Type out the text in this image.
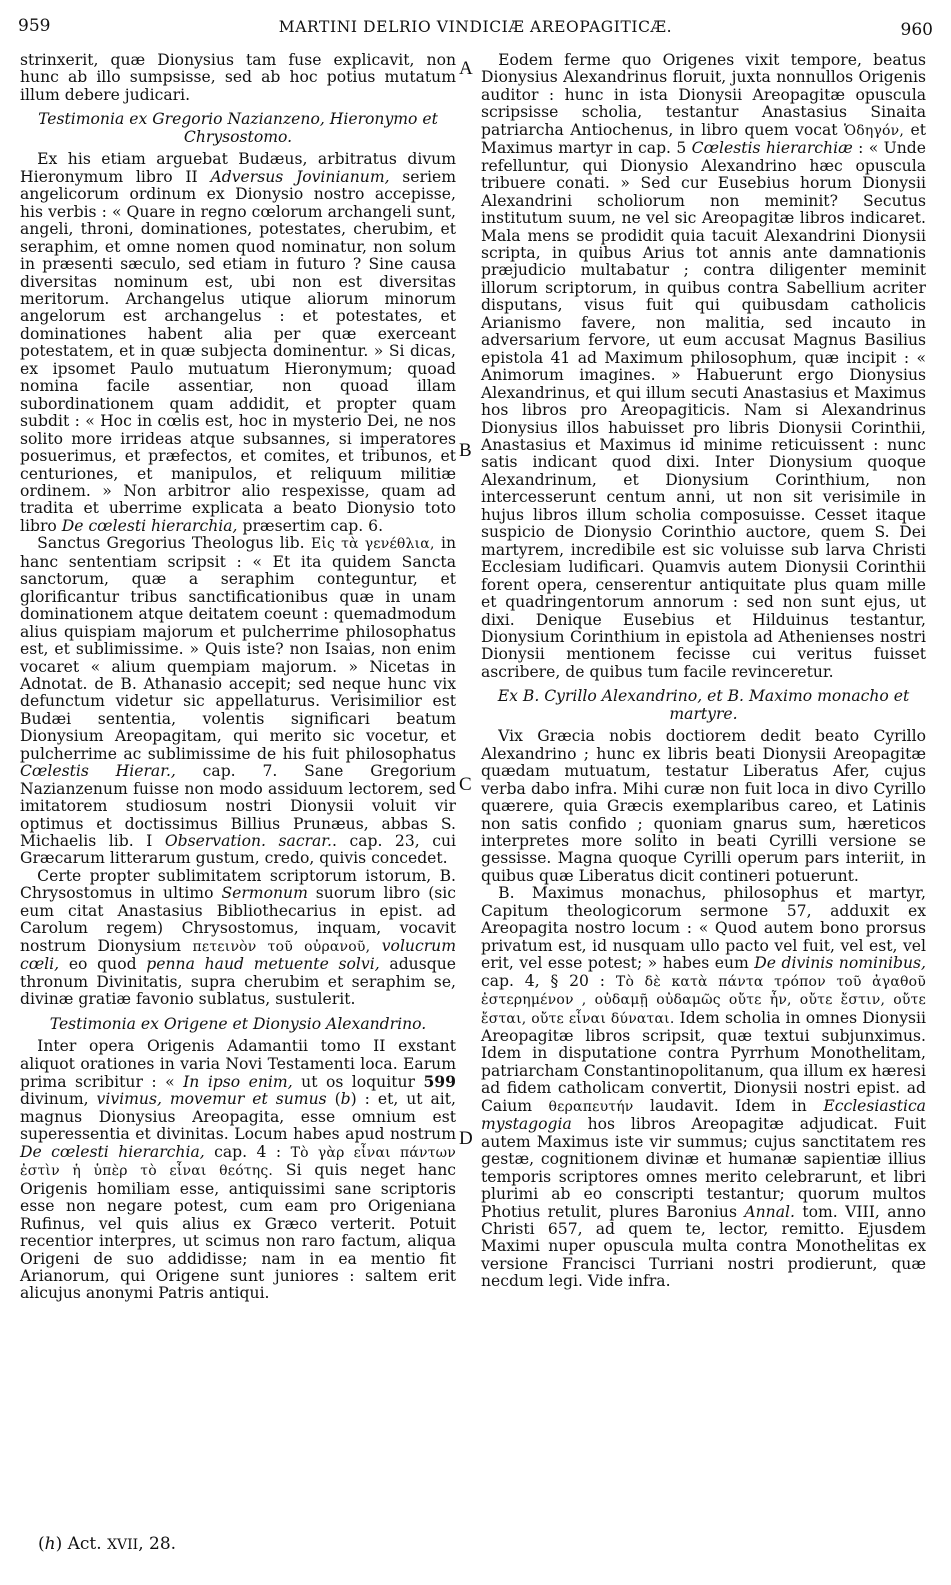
959	MARTINI DELRIO VINDICIÆ AREOPAGITICÆ.	960
A
B
C
D

strinxerit, quæ Dionysius tam fuse explicavit, non hunc ab illo sumpsisse, sed ab hoc potius mutatum illum debere judicari.

Testimonia ex Gregorio Nazianzeno, Hieronymo et Chrysostomo.

Ex his etiam arguebat Budæus, arbitratus divum Hieronymum libro II Adversus Jovinianum, seriem angelicorum ordinum ex Dionysio nostro accepisse, his verbis : « Quare in regno cœlorum archangeli sunt, angeli, throni, dominationes, potestates, cherubim, et seraphim, et omne nomen quod nominatur, non solum in præsenti sæculo, sed etiam in futuro ? Sine causa diversitas nominum est, ubi non est diversitas meritorum. Archangelus utique aliorum minorum angelorum est archangelus : et potestates, et dominationes habent alia per quæ exerceant potestatem, et in quæ subjecta dominentur. » Si dicas, ex ipsomet Paulo mutuatum Hieronymum; quoad nomina facile assentiar, non quoad illam subordinationem quam addidit, et propter quam subdit : « Hoc in cœlis est, hoc in mysterio Dei, ne nos solito more irrideas atque subsannes, si imperatores posuerimus, et præfectos, et comites, et tribunos, et centuriones, et manipulos, et reliquum militiæ ordinem. » Non arbitror alio respexisse, quam ad tradita et uberrime explicata a beato Dionysio toto libro De cœlesti hierarchia, præsertim cap. 6.

Sanctus Gregorius Theologus lib. Εἰς τὰ γενέθλια, in hanc sententiam scripsit : « Et ita quidem Sancta sanctorum, quæ a seraphim conteguntur, et glorificantur tribus sanctificationibus quæ in unam dominationem atque deitatem coeunt : quemadmodum alius quispiam majorum et pulcherrime philosophatus est, et sublimissime. » Quis iste? non Isaias, non enim vocaret « alium quempiam majorum. » Nicetas in Adnotat. de B. Athanasio accepit; sed neque hunc vix defunctum videtur sic appellaturus. Verisimilior est Budæi sententia, volentis significari beatum Dionysium Areopagitam, qui merito sic vocetur, et pulcherrime ac sublimissime de his fuit philosophatus Cœlestis Hierar., cap. 7. Sane Gregorium Nazianzenum fuisse non modo assiduum lectorem, sed imitatorem studiosum nostri Dionysii voluit vir optimus et doctissimus Billius Prunæus, abbas S. Michaelis lib. I Observation. sacrar.. cap. 23, cui Græcarum litterarum gustum, credo, quivis concedet.

Certe propter sublimitatem scriptorum istorum, B. Chrysostomus in ultimo Sermonum suorum libro (sic eum citat Anastasius Bibliothecarius in epist. ad Carolum regem) Chrysostomus, inquam, vocavit nostrum Dionysium πετεινὸν τοῦ οὐρανοῦ, volucrum cœli, eo quod penna haud metuente solvi, adusque thronum Divinitatis, supra cherubim et seraphim se, divinæ gratiæ favonio sublatus, sustulerit.

Testimonia ex Origene et Dionysio Alexandrino.

Inter opera Origenis Adamantii tomo II exstant aliquot orationes in varia Novi Testamenti loca. Earum prima scribitur : « In ipso enim, ut os loquitur 599 divinum, vivimus, movemur et sumus (b) : et, ut ait, magnus Dionysius Areopagita, esse omnium est superessentia et divinitas. Locum habes apud nostrum De cœlesti hierarchia, cap. 4 : Τὸ γὰρ εἶναι πάντων ἐστὶν ἡ ὑπὲρ τὸ εἶναι θεότης. Si quis neget hanc Origenis homiliam esse, antiquissimi sane scriptoris esse non negare potest, cum eam pro Origeniana Rufinus, vel quis alius ex Græco verterit. Potuit recentior interpres, ut scimus non raro factum, aliqua Origeni de suo addidisse; nam in ea mentio fit Arianorum, qui Origene sunt juniores : saltem erit alicujus anonymi Patris antiqui.

Eodem ferme quo Origenes vixit tempore, beatus Dionysius Alexandrinus floruit, juxta nonnullos Origenis auditor : hunc in ista Dionysii Areopagitæ opuscula scripsisse scholia, testantur Anastasius Sinaita patriarcha Antiochenus, in libro quem vocat Ὁδηγόν, et Maximus martyr in cap. 5 Cœlestis hierarchiæ : « Unde refelluntur, qui Dionysio Alexandrino hæc opuscula tribuere conati. » Sed cur Eusebius horum Dionysii Alexandrini scholiorum non meminit? Secutus institutum suum, ne vel sic Areopagitæ libros indicaret. Mala mens se prodidit quia tacuit Alexandrini Dionysii scripta, in quibus Arius tot annis ante damnationis præjudicio multabatur ; contra diligenter meminit illorum scriptorum, in quibus contra Sabellium acriter disputans, visus fuit qui quibusdam catholicis Arianismo favere, non malitia, sed incauto in adversarium fervore, ut eum accusat Magnus Basilius epistola 41 ad Maximum philosophum, quæ incipit : « Animorum imagines. » Habuerunt ergo Dionysius Alexandrinus, et qui illum secuti Anastasius et Maximus hos libros pro Areopagiticis. Nam si Alexandrinus Dionysius illos habuisset pro libris Dionysii Corinthii, Anastasius et Maximus id minime reticuissent : nunc satis indicant quod dixi. Inter Dionysium quoque Alexandrinum, et Dionysium Corinthium, non intercesserunt centum anni, ut non sit verisimile in hujus libros illum scholia composuisse. Cesset itaque suspicio de Dionysio Corinthio auctore, quem S. Dei martyrem, incredibile est sic voluisse sub larva Christi Ecclesiam ludificari. Quamvis autem Dionysii Corinthii forent opera, censerentur antiquitate plus quam mille et quadringentorum annorum : sed non sunt ejus, ut dixi. Denique Eusebius et Hilduinus testantur, Dionysium Corinthium in epistola ad Athenienses nostri Dionysii mentionem fecisse cui veritus fuisset ascribere, de quibus tum facile revinceretur.

Ex B. Cyrillo Alexandrino, et B. Maximo monacho et martyre.

Vix Græcia nobis doctiorem dedit beato Cyrillo Alexandrino ; hunc ex libris beati Dionysii Areopagitæ quædam mutuatum, testatur Liberatus Afer, cujus verba dabo infra. Mihi curæ non fuit loca in divo Cyrillo quærere, quia Græcis exemplaribus careo, et Latinis non satis confido ; quoniam gnarus sum, hæreticos interpretes more solito in beati Cyrilli versione se gessisse. Magna quoque Cyrilli operum pars interiit, in quibus quæ Liberatus dicit contineri potuerunt.

B. Maximus monachus, philosophus et martyr, Capitum theologicorum sermone 57, adduxit ex Areopagita nostro locum : « Quod autem bono prorsus privatum est, id nusquam ullo pacto vel fuit, vel est, vel erit, vel esse potest; » habes eum De divinis nominibus, cap. 4, § 20 : Τὸ δὲ κατὰ πάντα τρόπον τοῦ ἀγαθοῦ ἐστερημένον , οὐδαμῇ οὐδαμῶς οὔτε ἦν, οὔτε ἔστιν, οὔτε ἔσται, οὔτε εἶναι δύναται. Idem scholia in omnes Dionysii Areopagitæ libros scripsit, quæ textui subjunximus. Idem in disputatione contra Pyrrhum Monothelitam, patriarcham Constantinopolitanum, qua illum ex hæresi ad fidem catholicam convertit, Dionysii nostri epist. ad Caium θεραπευτήν laudavit. Idem in Ecclesiastica mystagogia hos libros Areopagitæ adjudicat. Fuit autem Maximus iste vir summus; cujus sanctitatem res gestæ, cognitionem divinæ et humanæ sapientiæ illius temporis scriptores omnes merito celebrarunt, et libri plurimi ab eo conscripti testantur; quorum multos Photius retulit, plures Baronius Annal. tom. VIII, anno Christi 657, ad quem te, lector, remitto. Ejusdem Maximi nuper opuscula multa contra Monothelitas ex versione Francisci Turriani nostri prodierunt, quæ necdum legi. Vide infra.

(h) Act. XVII, 28.
